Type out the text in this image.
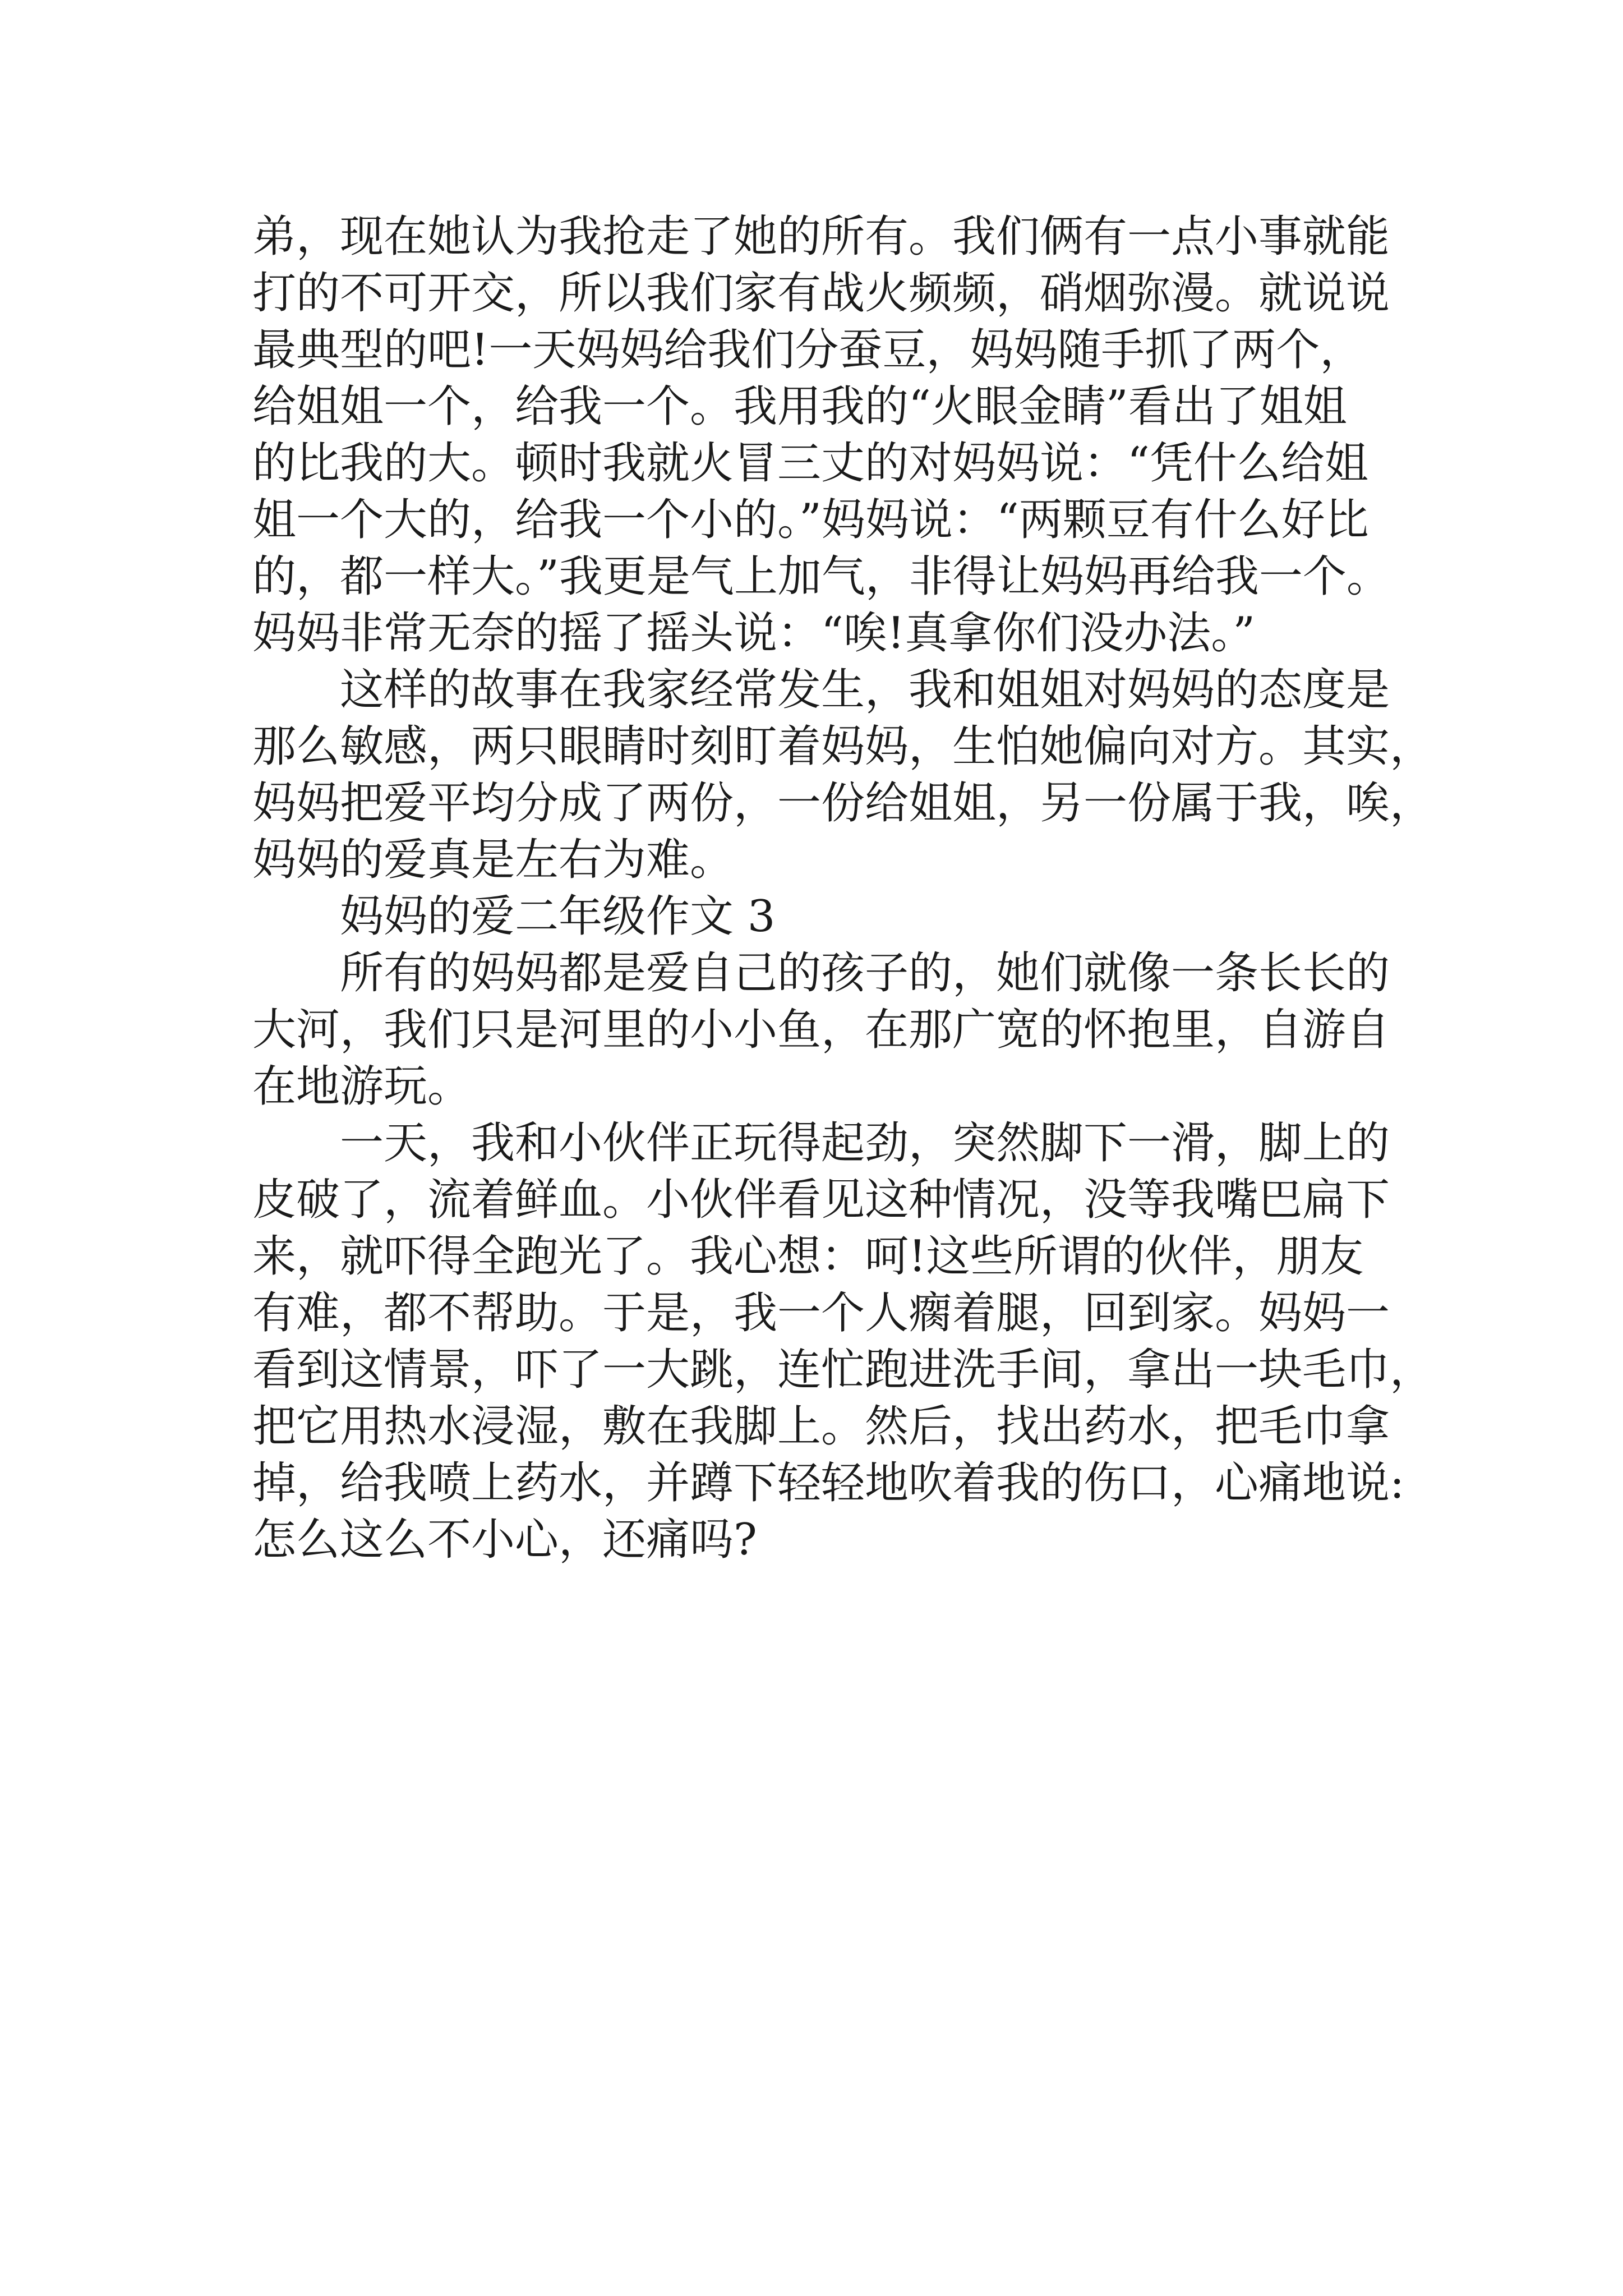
弟，现在她认为我抢走了她的所有。我们俩有一点小事就能
打的不可开交，所以我们家有战火频频，硝烟弥漫。就说说
最典型的吧!一天妈妈给我们分蚕豆，妈妈随手抓了两个，
给姐姐一个，给我一个。我用我的“火眼金睛”看出了姐姐
的比我的大。顿时我就火冒三丈的对妈妈说：“凭什么给姐
姐一个大的，给我一个小的。”妈妈说：“两颗豆有什么好比
的，都一样大。”我更是气上加气，非得让妈妈再给我一个。
妈妈非常无奈的摇了摇头说：“唉!真拿你们没办法。”
这样的故事在我家经常发生，我和姐姐对妈妈的态度是
那么敏感，两只眼睛时刻盯着妈妈，生怕她偏向对方。其实，
妈妈把爱平均分成了两份，一份给姐姐，另一份属于我，唉，
妈妈的爱真是左右为难。
妈妈的爱二年级作文 3
所有的妈妈都是爱自己的孩子的，她们就像一条长长的
大河，我们只是河里的小小鱼，在那广宽的怀抱里，自游自
在地游玩。
一天，我和小伙伴正玩得起劲，突然脚下一滑，脚上的
皮破了，流着鲜血。小伙伴看见这种情况，没等我嘴巴扁下
来，就吓得全跑光了。我心想：呵!这些所谓的伙伴，朋友
有难，都不帮助。于是，我一个人瘸着腿，回到家。妈妈一
看到这情景，吓了一大跳，连忙跑进洗手间，拿出一块毛巾，
把它用热水浸湿，敷在我脚上。然后，找出药水，把毛巾拿
掉，给我喷上药水，并蹲下轻轻地吹着我的伤口，心痛地说:
怎么这么不小心，还痛吗?
